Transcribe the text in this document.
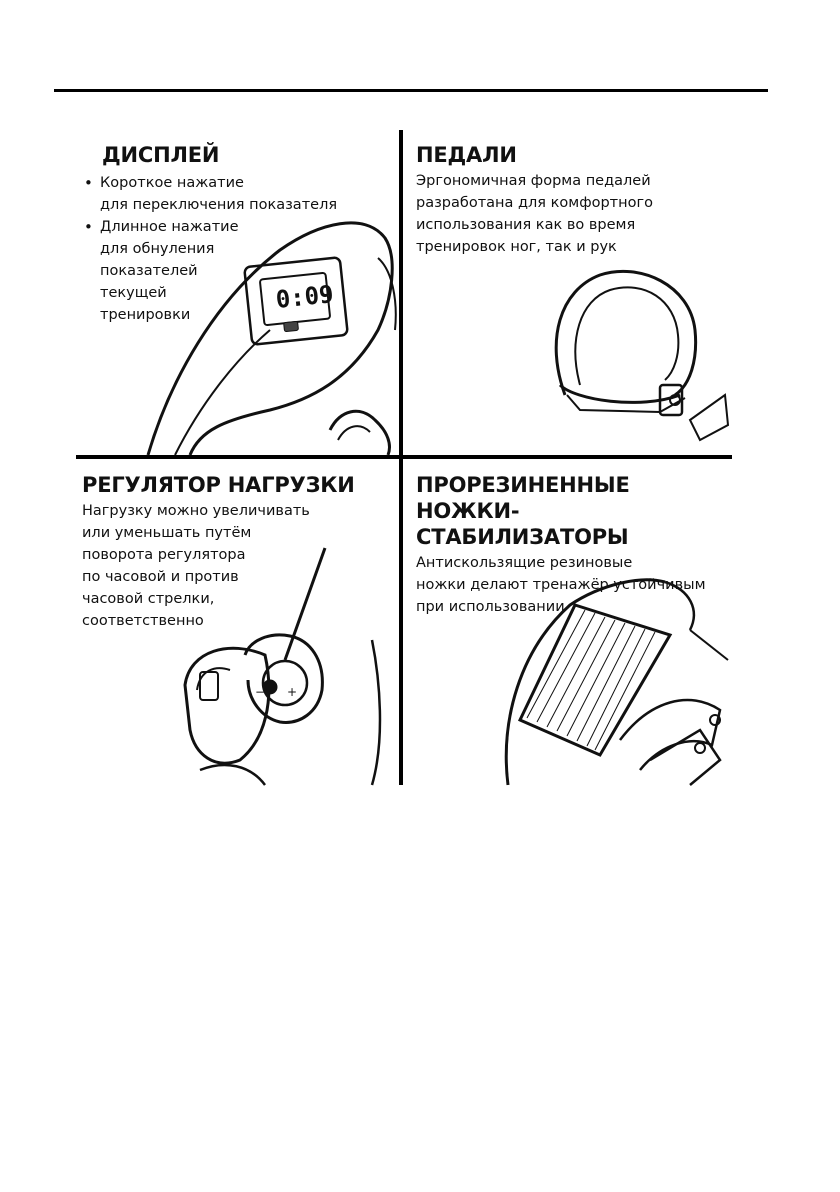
0:09
− +
ДИСПЛЕЙ
• Короткое нажатие
для переключения показателя
• Длинное нажатие
для обнуления
показателей
текущей
тренировки
ПЕДАЛИ
Эргономичная форма педалей
разработана для комфортного
использования как во время
тренировок ног, так и рук
РЕГУЛЯТОР НАГРУЗКИ
Нагрузку можно увеличивать
или уменьшать путём
поворота регулятора
по часовой и против
часовой стрелки,
соответственно
ПРОРЕЗИНЕННЫЕ
НОЖКИ-СТАБИЛИЗАТОРЫ
Антискользящие резиновые
ножки делают тренажёр устойчивым
при использовании
